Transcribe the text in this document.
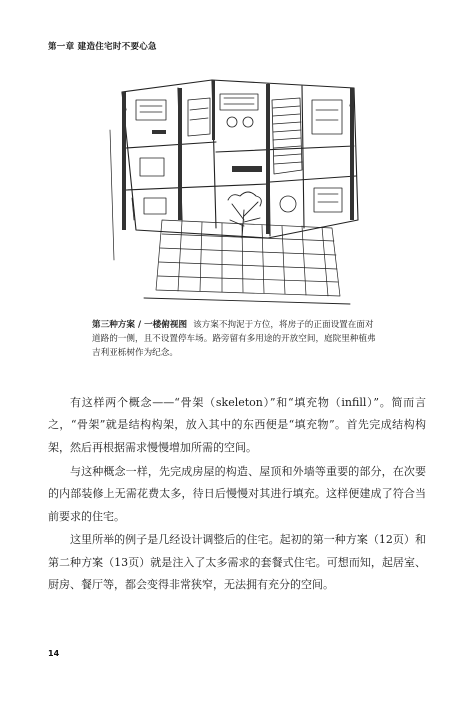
第一章 建造住宅时不要心急
第三种方案 / 一楼俯视图 该方案不拘泥于方位，将房子的正面设置在面对道路的一侧，且不设置停车场。路旁留有多用途的开放空间，庭院里种植弗吉利亚栎树作为纪念。

有这样两个概念——“骨架（skeleton）”和“填充物（infill）”。简而言之，“骨架”就是结构构架，放入其中的东西便是“填充物”。首先完成结构构架，然后再根据需求慢慢增加所需的空间。

与这种概念一样，先完成房屋的构造、屋顶和外墙等重要的部分，在次要的内部装修上无需花费太多，待日后慢慢对其进行填充。这样便建成了符合当前要求的住宅。

这里所举的例子是几经设计调整后的住宅。起初的第一种方案（12页）和第二种方案（13页）就是注入了太多需求的套餐式住宅。可想而知，起居室、厨房、餐厅等，都会变得非常狭窄，无法拥有充分的空间。

14
